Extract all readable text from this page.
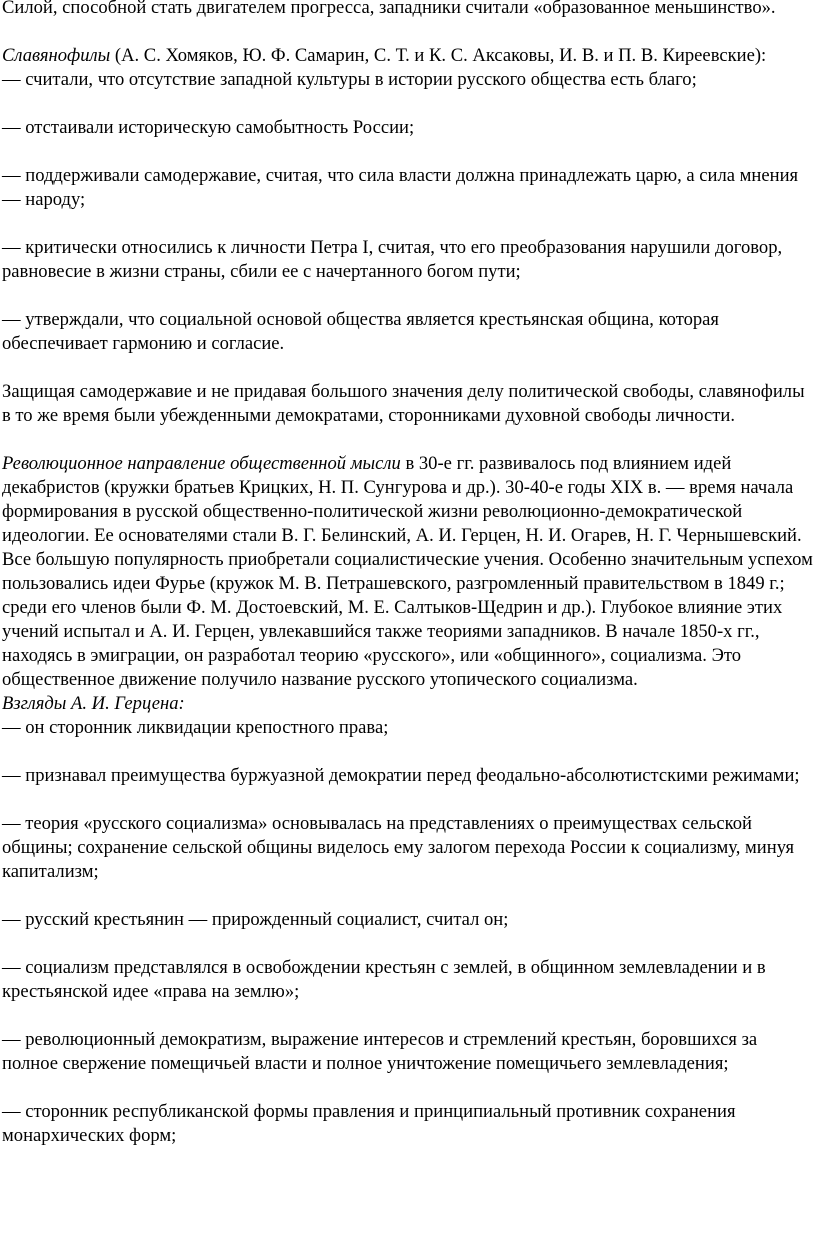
Силой, способной стать двигателем прогресса, западники считали «образованное меньшинство».

Славянофилы (А. С. Хомяков, Ю. Ф. Самарин, С. Т. и К. С. Аксаковы, И. В. и П. В. Киреевские):

— считали, что отсутствие западной культуры в истории русского общества есть благо;

— отстаивали историческую самобытность России;

— поддерживали самодержавие, считая, что сила власти должна принадлежать царю, а сила мнения — народу;

— критически относились к личности Петра I, считая, что его преобразования нарушили договор, равновесие в жизни страны, сбили ее с начертанного богом пути;

— утверждали, что социальной основой общества является крестьянская община, которая обеспечивает гармонию и согласие.

Защищая самодержавие и не придавая большого значения делу политической свободы, славянофилы в то же время были убежденными демократами, сторонниками духовной свободы личности.

Революционное направление общественной мысли в 30-е гг. развивалось под влиянием идей декабристов (кружки братьев Крицких, Н. П. Сунгурова и др.). 30-40-е годы XIX в. — время начала формирования в русской общественно-политической жизни революционно-демократической идеологии. Ее основателями стали В. Г. Белинский, А. И. Герцен, Н. И. Огарев, Н. Г. Чернышевский. Все большую популярность приобретали социалистические учения. Особенно значительным успехом пользовались идеи Фурье (кружок М. В. Петрашевского, разгромленный правительством в 1849 г.; среди его членов были Ф. М. Достоевский, М. Е. Салтыков-Щедрин и др.). Глубокое влияние этих учений испытал и А. И. Герцен, увлекавшийся также теориями западников. В начале 1850-х гг., находясь в эмиграции, он разработал теорию «русского», или «общинного», социализма. Это общественное движение получило название русского утопического социализма.

Взгляды А. И. Герцена:

— он сторонник ликвидации крепостного права;

— признавал преимущества буржуазной демократии перед феодально-абсолютистскими режимами;

— теория «русского социализма» основывалась на представлениях о преимуществах сельской общины; сохранение сельской общины виделось ему залогом перехода России к социализму, минуя капитализм;

— русский крестьянин — прирожденный социалист, считал он;

— социализм представлялся в освобождении крестьян с землей, в общинном землевладении и в крестьянской идее «права на землю»;

— революционный демократизм, выражение интересов и стремлений крестьян, боровшихся за полное свержение помещичьей власти и полное уничтожение помещичьего землевладения;

— сторонник республиканской формы правления и принципиальный противник сохранения монархических форм;
